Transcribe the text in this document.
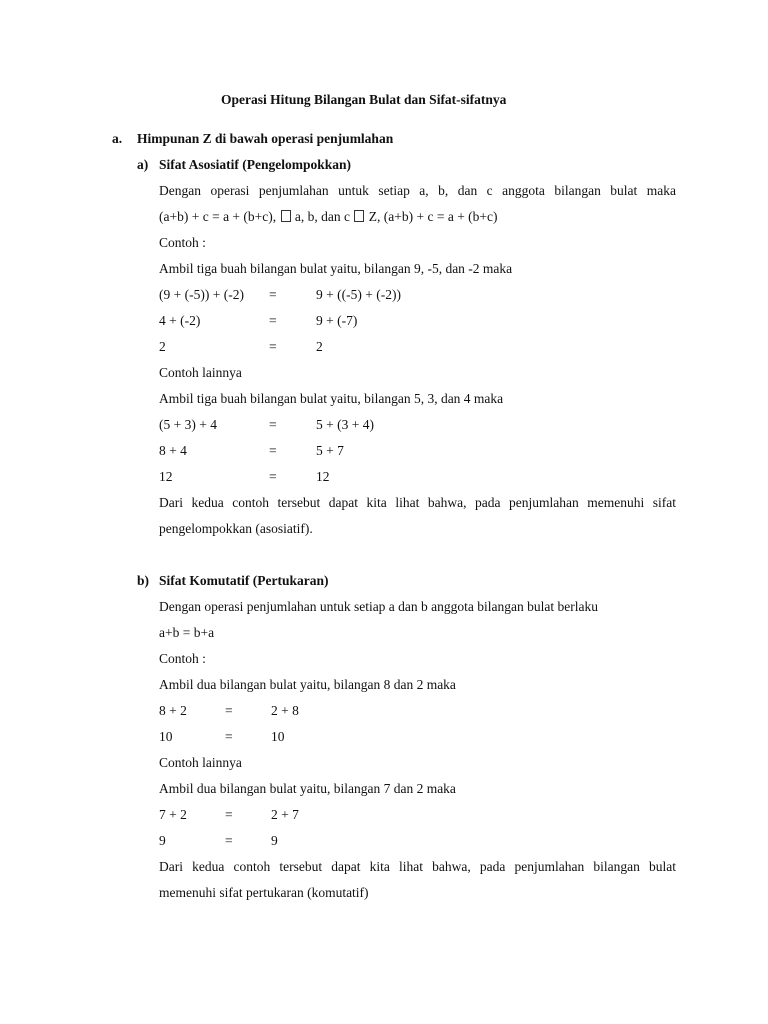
Operasi Hitung Bilangan Bulat dan Sifat-sifatnya
a. Himpunan Z di bawah operasi penjumlahan
a) Sifat Asosiatif (Pengelompokkan)
Dengan operasi penjumlahan untuk setiap a, b, dan c anggota bilangan bulat maka
(a+b) + c = a + (b+c), a, b, dan c Z, (a+b) + c = a + (b+c)
Contoh :
Ambil tiga buah bilangan bulat yaitu, bilangan 9, -5, dan -2 maka
(9 + (-5)) + (-2) =	9 + ((-5) + (-2))
4 + (-2)	=	9 + (-7)
2	=	2
Contoh lainnya
Ambil tiga buah bilangan bulat yaitu, bilangan 5, 3, dan 4 maka
(5 + 3) + 4	=	5 + (3 + 4)
8 + 4	=	5 + 7
12	=	12
Dari kedua contoh tersebut dapat kita lihat bahwa, pada penjumlahan memenuhi sifat
pengelompokkan (asosiatif).
b) Sifat Komutatif (Pertukaran)
Dengan operasi penjumlahan untuk setiap a dan b anggota bilangan bulat berlaku
a+b = b+a
Contoh :
Ambil dua bilangan bulat yaitu, bilangan 8 dan 2 maka
8 + 2	=	2 + 8
10	=	10
Contoh lainnya
Ambil dua bilangan bulat yaitu, bilangan 7 dan 2 maka
7 + 2	=	2 + 7
9	=	9
Dari kedua contoh tersebut dapat kita lihat bahwa, pada penjumlahan bilangan bulat
memenuhi sifat pertukaran (komutatif)
